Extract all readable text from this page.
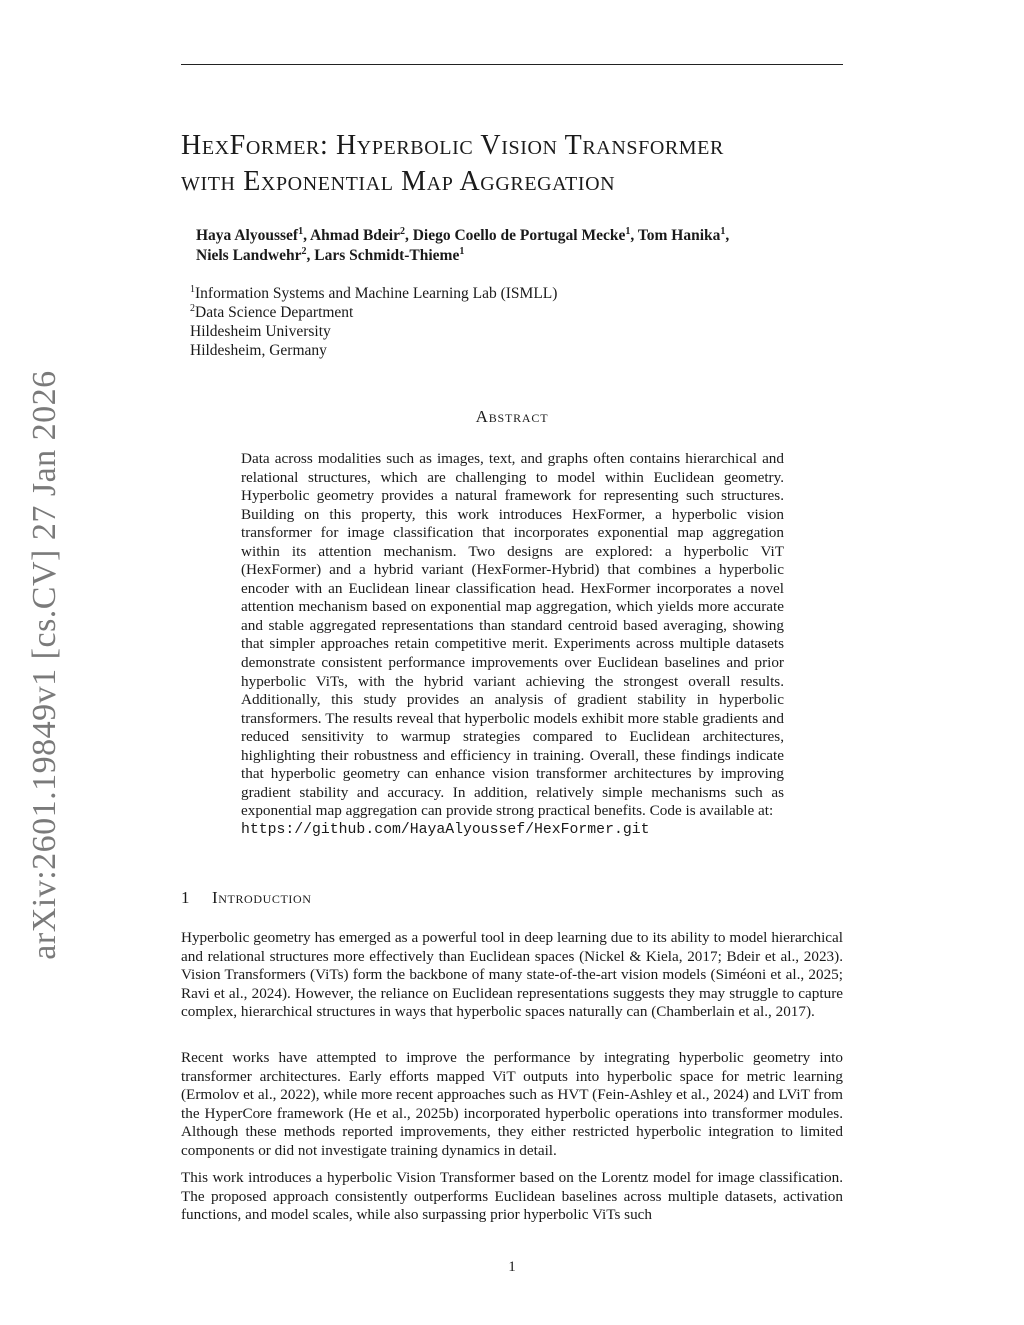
arXiv:2601.19849v1 [cs.CV] 27 Jan 2026
HexFormer: Hyperbolic Vision Transformer
with Exponential Map Aggregation
Haya Alyoussef$^1$, Ahmad Bdeir$^2$, Diego Coello de Portugal Mecke$^1$, Tom Hanika$^1$,
Niels Landwehr$^2$, Lars Schmidt-Thieme$^1$
$^1$Information Systems and Machine Learning Lab (ISMLL)
$^2$Data Science Department
Hildesheim University
Hildesheim, Germany
Abstract
Data across modalities such as images, text, and graphs often contains hierarchical and relational structures, which are challenging to model within Euclidean geometry. Hyperbolic geometry provides a natural framework for representing such structures. Building on this property, this work introduces HexFormer, a hyperbolic vision transformer for image classification that incorporates exponential map aggregation within its attention mechanism. Two designs are explored: a hyperbolic ViT (HexFormer) and a hybrid variant (HexFormer-Hybrid) that combines a hyperbolic encoder with an Euclidean linear classification head. HexFormer incorporates a novel attention mechanism based on exponential map aggregation, which yields more accurate and stable aggregated representations than standard centroid based averaging, showing that simpler approaches retain competitive merit. Experiments across multiple datasets demonstrate consistent performance improvements over Euclidean baselines and prior hyperbolic ViTs, with the hybrid variant achieving the strongest overall results. Additionally, this study provides an analysis of gradient stability in hyperbolic transformers. The results reveal that hyperbolic models exhibit more stable gradients and reduced sensitivity to warmup strategies compared to Euclidean architectures, highlighting their robustness and efficiency in training. Overall, these findings indicate that hyperbolic geometry can enhance vision transformer architectures by improving gradient stability and accuracy. In addition, relatively simple mechanisms such as exponential map aggregation can provide strong practical benefits. Code is available at:
https://github.com/HayaAlyoussef/HexFormer.git
1 Introduction

Hyperbolic geometry has emerged as a powerful tool in deep learning due to its ability to model hierarchical and relational structures more effectively than Euclidean spaces (Nickel & Kiela, 2017; Bdeir et al., 2023). Vision Transformers (ViTs) form the backbone of many state-of-the-art vision models (Siméoni et al., 2025; Ravi et al., 2024). However, the reliance on Euclidean representations suggests they may struggle to capture complex, hierarchical structures in ways that hyperbolic spaces naturally can (Chamberlain et al., 2017).

Recent works have attempted to improve the performance by integrating hyperbolic geometry into transformer architectures. Early efforts mapped ViT outputs into hyperbolic space for metric learning (Ermolov et al., 2022), while more recent approaches such as HVT (Fein-Ashley et al., 2024) and LViT from the HyperCore framework (He et al., 2025b) incorporated hyperbolic operations into transformer modules. Although these methods reported improvements, they either restricted hyperbolic integration to limited components or did not investigate training dynamics in detail.

This work introduces a hyperbolic Vision Transformer based on the Lorentz model for image classification. The proposed approach consistently outperforms Euclidean baselines across multiple datasets, activation functions, and model scales, while also surpassing prior hyperbolic ViTs such

1
